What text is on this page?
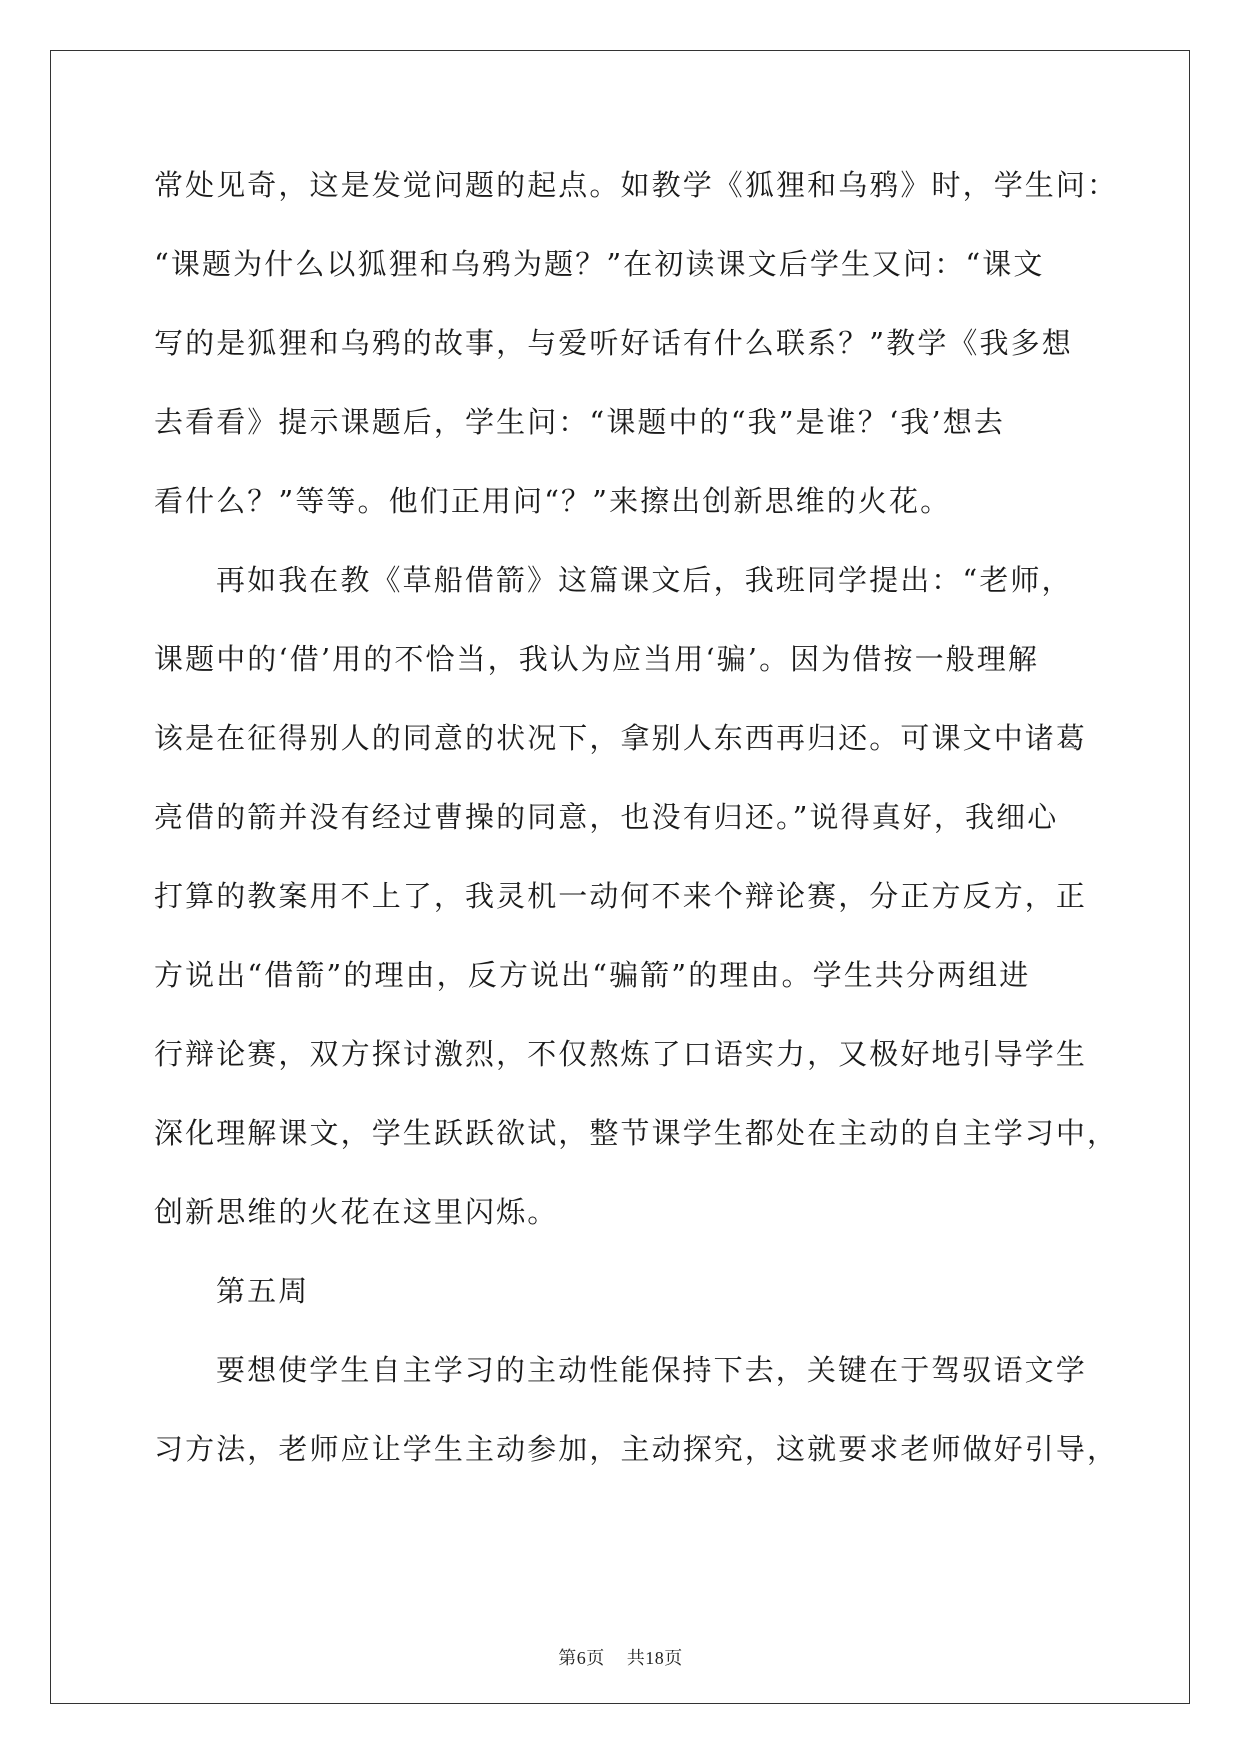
常处见奇，这是发觉问题的起点。如教学《狐狸和乌鸦》时，学生问：
“课题为什么以狐狸和乌鸦为题？”在初读课文后学生又问：“课文
写的是狐狸和乌鸦的故事，与爱听好话有什么联系？”教学《我多想
去看看》提示课题后，学生问：“课题中的“我”是谁？‘我’想去
看什么？”等等。他们正用问“？”来擦出创新思维的火花。
再如我在教《草船借箭》这篇课文后，我班同学提出：“老师，
课题中的‘借’用的不恰当，我认为应当用‘骗’。因为借按一般理解
该是在征得别人的同意的状况下，拿别人东西再归还。可课文中诸葛
亮借的箭并没有经过曹操的同意，也没有归还。”说得真好，我细心
打算的教案用不上了，我灵机一动何不来个辩论赛，分正方反方，正
方说出“借箭”的理由，反方说出“骗箭”的理由。学生共分两组进
行辩论赛，双方探讨激烈，不仅熬炼了口语实力，又极好地引导学生
深化理解课文，学生跃跃欲试，整节课学生都处在主动的自主学习中，
创新思维的火花在这里闪烁。
第五周
要想使学生自主学习的主动性能保持下去，关键在于驾驭语文学
习方法，老师应让学生主动参加，主动探究，这就要求老师做好引导，
第6页 共18页
